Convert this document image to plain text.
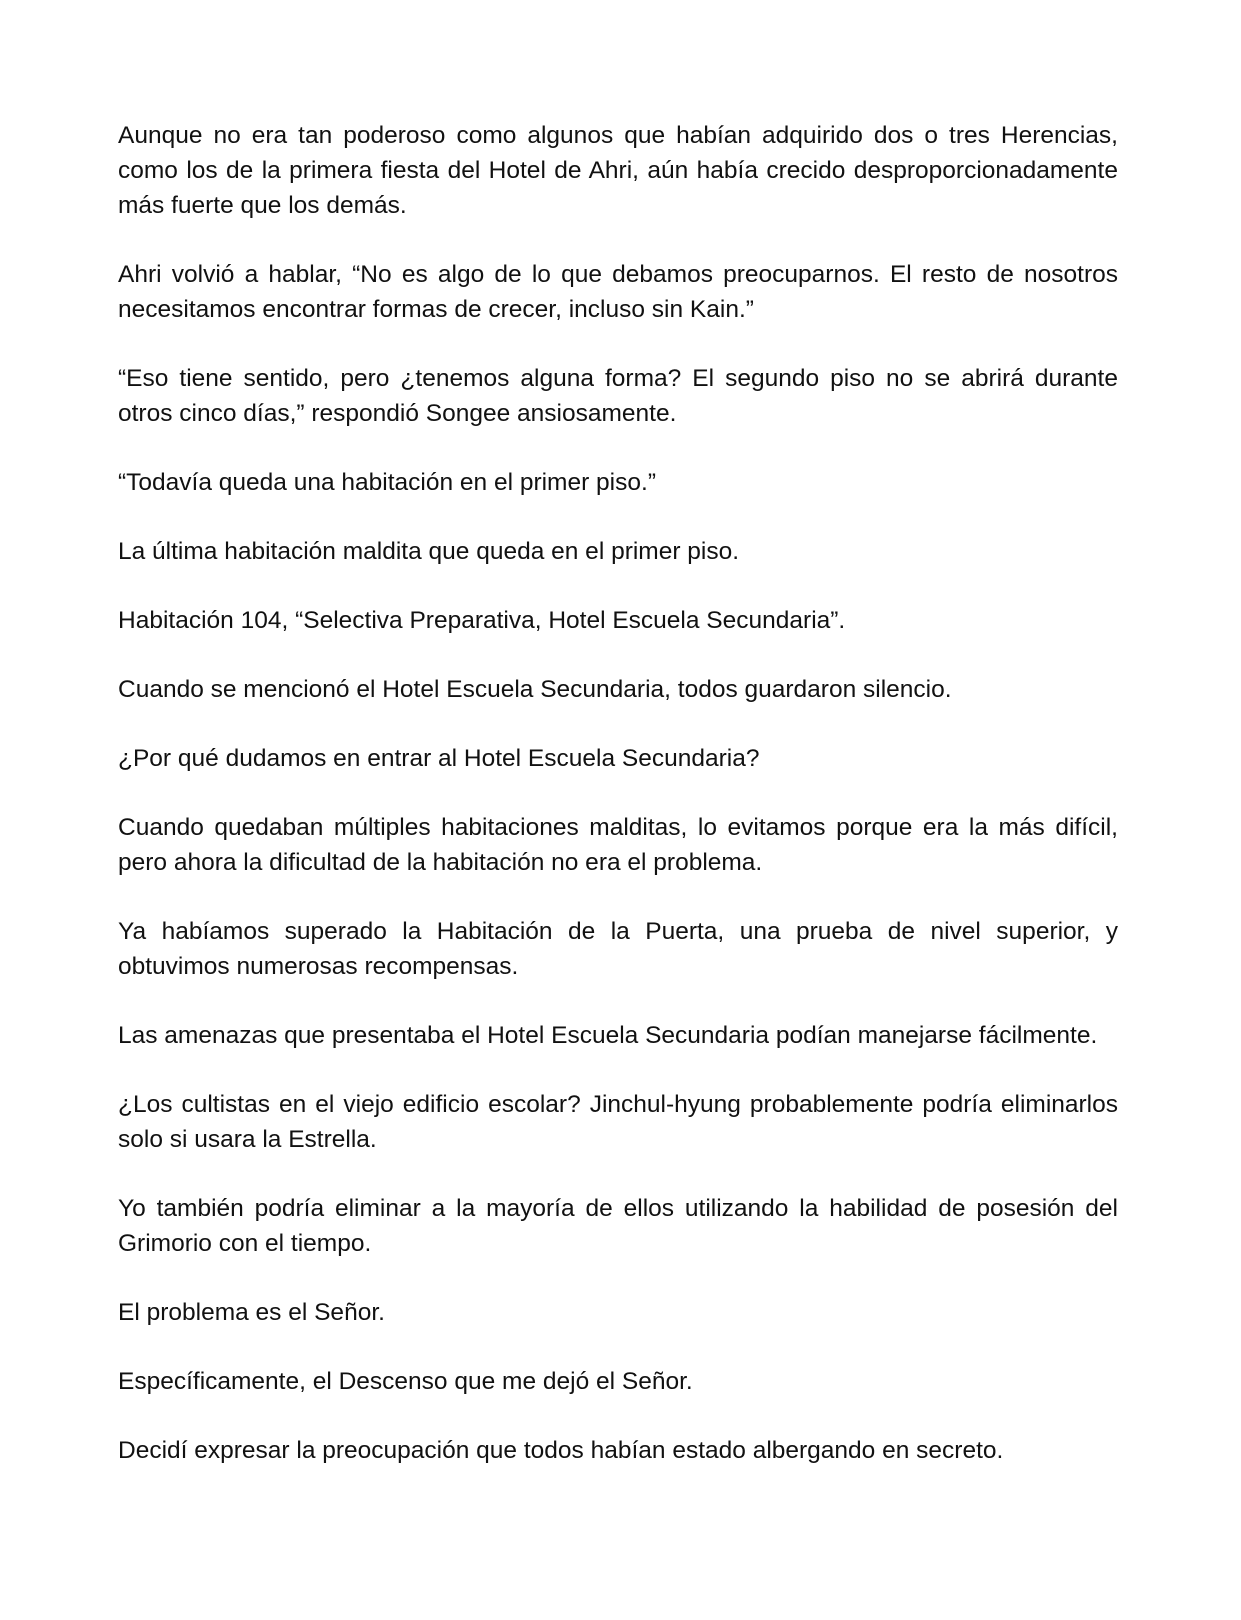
Aunque no era tan poderoso como algunos que habían adquirido dos o tres Herencias, como los de la primera fiesta del Hotel de Ahri, aún había crecido desproporcionadamente más fuerte que los demás.

Ahri volvió a hablar, “No es algo de lo que debamos preocuparnos. El resto de nosotros necesitamos encontrar formas de crecer, incluso sin Kain.”

“Eso tiene sentido, pero ¿tenemos alguna forma? El segundo piso no se abrirá durante otros cinco días,” respondió Songee ansiosamente.

“Todavía queda una habitación en el primer piso.”

La última habitación maldita que queda en el primer piso.

Habitación 104, “Selectiva Preparativa, Hotel Escuela Secundaria”.

Cuando se mencionó el Hotel Escuela Secundaria, todos guardaron silencio.

¿Por qué dudamos en entrar al Hotel Escuela Secundaria?

Cuando quedaban múltiples habitaciones malditas, lo evitamos porque era la más difícil, pero ahora la dificultad de la habitación no era el problema.

Ya habíamos superado la Habitación de la Puerta, una prueba de nivel superior, y obtuvimos numerosas recompensas.

Las amenazas que presentaba el Hotel Escuela Secundaria podían manejarse fácilmente.

¿Los cultistas en el viejo edificio escolar? Jinchul-hyung probablemente podría eliminarlos solo si usara la Estrella.

Yo también podría eliminar a la mayoría de ellos utilizando la habilidad de posesión del Grimorio con el tiempo.

El problema es el Señor.

Específicamente, el Descenso que me dejó el Señor.

Decidí expresar la preocupación que todos habían estado albergando en secreto.
